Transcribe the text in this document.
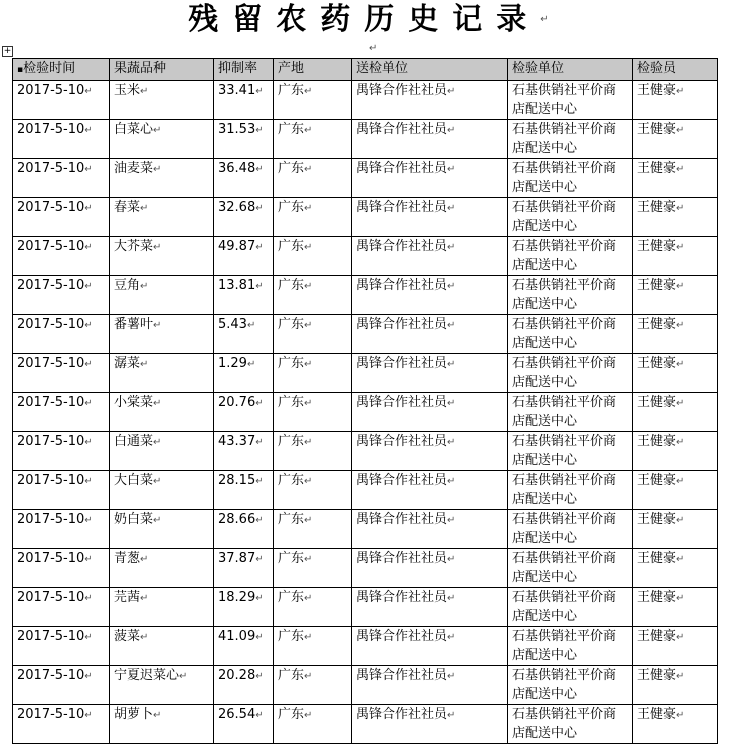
残留农药历史记录↵
+	↵
▪检验时间	果蔬品种	抑制率	产地	送检单位	检验单位	检验员
2017-5-10↵	玉米↵	33.41↵	广东↵	禺锋合作社社员↵	石基供销社平价商店配送中心	王健豪↵
2017-5-10↵	白菜心↵	31.53↵	广东↵	禺锋合作社社员↵	石基供销社平价商店配送中心	王健豪↵
2017-5-10↵	油麦菜↵	36.48↵	广东↵	禺锋合作社社员↵	石基供销社平价商店配送中心	王健豪↵
2017-5-10↵	春菜↵	32.68↵	广东↵	禺锋合作社社员↵	石基供销社平价商店配送中心	王健豪↵
2017-5-10↵	大芥菜↵	49.87↵	广东↵	禺锋合作社社员↵	石基供销社平价商店配送中心	王健豪↵
2017-5-10↵	豆角↵	13.81↵	广东↵	禺锋合作社社员↵	石基供销社平价商店配送中心	王健豪↵
2017-5-10↵	番薯叶↵	5.43↵	广东↵	禺锋合作社社员↵	石基供销社平价商店配送中心	王健豪↵
2017-5-10↵	潺菜↵	1.29↵	广东↵	禺锋合作社社员↵	石基供销社平价商店配送中心	王健豪↵
2017-5-10↵	小棠菜↵	20.76↵	广东↵	禺锋合作社社员↵	石基供销社平价商店配送中心	王健豪↵
2017-5-10↵	白通菜↵	43.37↵	广东↵	禺锋合作社社员↵	石基供销社平价商店配送中心	王健豪↵
2017-5-10↵	大白菜↵	28.15↵	广东↵	禺锋合作社社员↵	石基供销社平价商店配送中心	王健豪↵
2017-5-10↵	奶白菜↵	28.66↵	广东↵	禺锋合作社社员↵	石基供销社平价商店配送中心	王健豪↵
2017-5-10↵	青葱↵	37.87↵	广东↵	禺锋合作社社员↵	石基供销社平价商店配送中心	王健豪↵
2017-5-10↵	芫茜↵	18.29↵	广东↵	禺锋合作社社员↵	石基供销社平价商店配送中心	王健豪↵
2017-5-10↵	菠菜↵	41.09↵	广东↵	禺锋合作社社员↵	石基供销社平价商店配送中心	王健豪↵
2017-5-10↵	宁夏迟菜心↵	20.28↵	广东↵	禺锋合作社社员↵	石基供销社平价商店配送中心	王健豪↵
2017-5-10↵	胡萝卜↵	26.54↵	广东↵	禺锋合作社社员↵	石基供销社平价商店配送中心	王健豪↵
